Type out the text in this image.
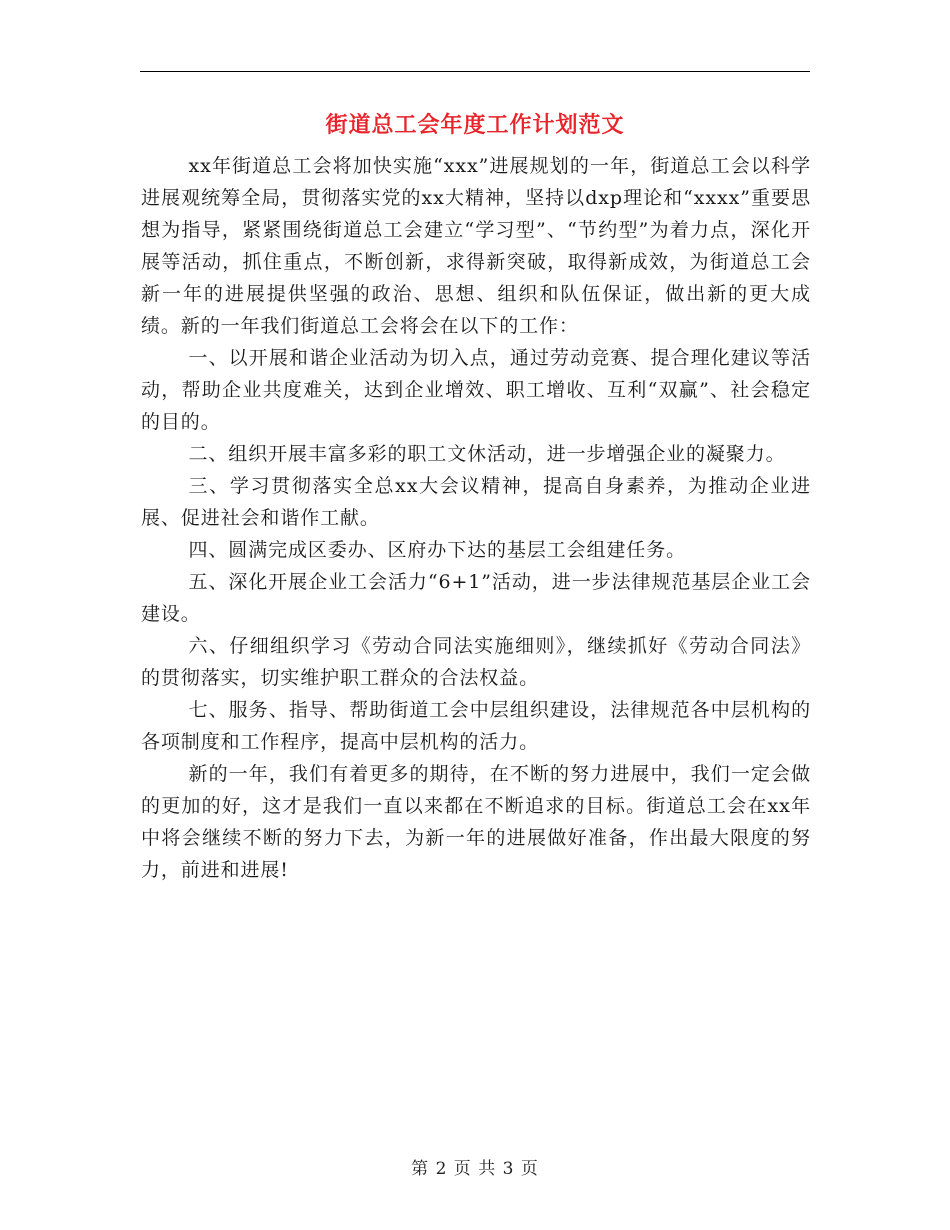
街道总工会年度工作计划范文

xx年街道总工会将加快实施“xxx”进展规划的一年，街道总工会以科学进展观统筹全局，贯彻落实党的xx大精神，坚持以dxp理论和“xxxx”重要思想为指导，紧紧围绕街道总工会建立“学习型”、“节约型”为着力点，深化开展等活动，抓住重点，不断创新，求得新突破，取得新成效，为街道总工会新一年的进展提供坚强的政治、思想、组织和队伍保证，做出新的更大成绩。新的一年我们街道总工会将会在以下的工作：

一、以开展和谐企业活动为切入点，通过劳动竞赛、提合理化建议等活动，帮助企业共度难关，达到企业增效、职工增收、互利“双赢”、社会稳定的目的。

二、组织开展丰富多彩的职工文休活动，进一步增强企业的凝聚力。

三、学习贯彻落实全总xx大会议精神，提高自身素养，为推动企业进展、促进社会和谐作工献。

四、圆满完成区委办、区府办下达的基层工会组建任务。

五、深化开展企业工会活力“6+1”活动，进一步法律规范基层企业工会建设。

六、仔细组织学习《劳动合同法实施细则》，继续抓好《劳动合同法》的贯彻落实，切实维护职工群众的合法权益。

七、服务、指导、帮助街道工会中层组织建设，法律规范各中层机构的各项制度和工作程序，提高中层机构的活力。

新的一年，我们有着更多的期待，在不断的努力进展中，我们一定会做的更加的好，这才是我们一直以来都在不断追求的目标。街道总工会在xx年中将会继续不断的努力下去，为新一年的进展做好准备，作出最大限度的努力，前进和进展!

第 2 页 共 3 页
